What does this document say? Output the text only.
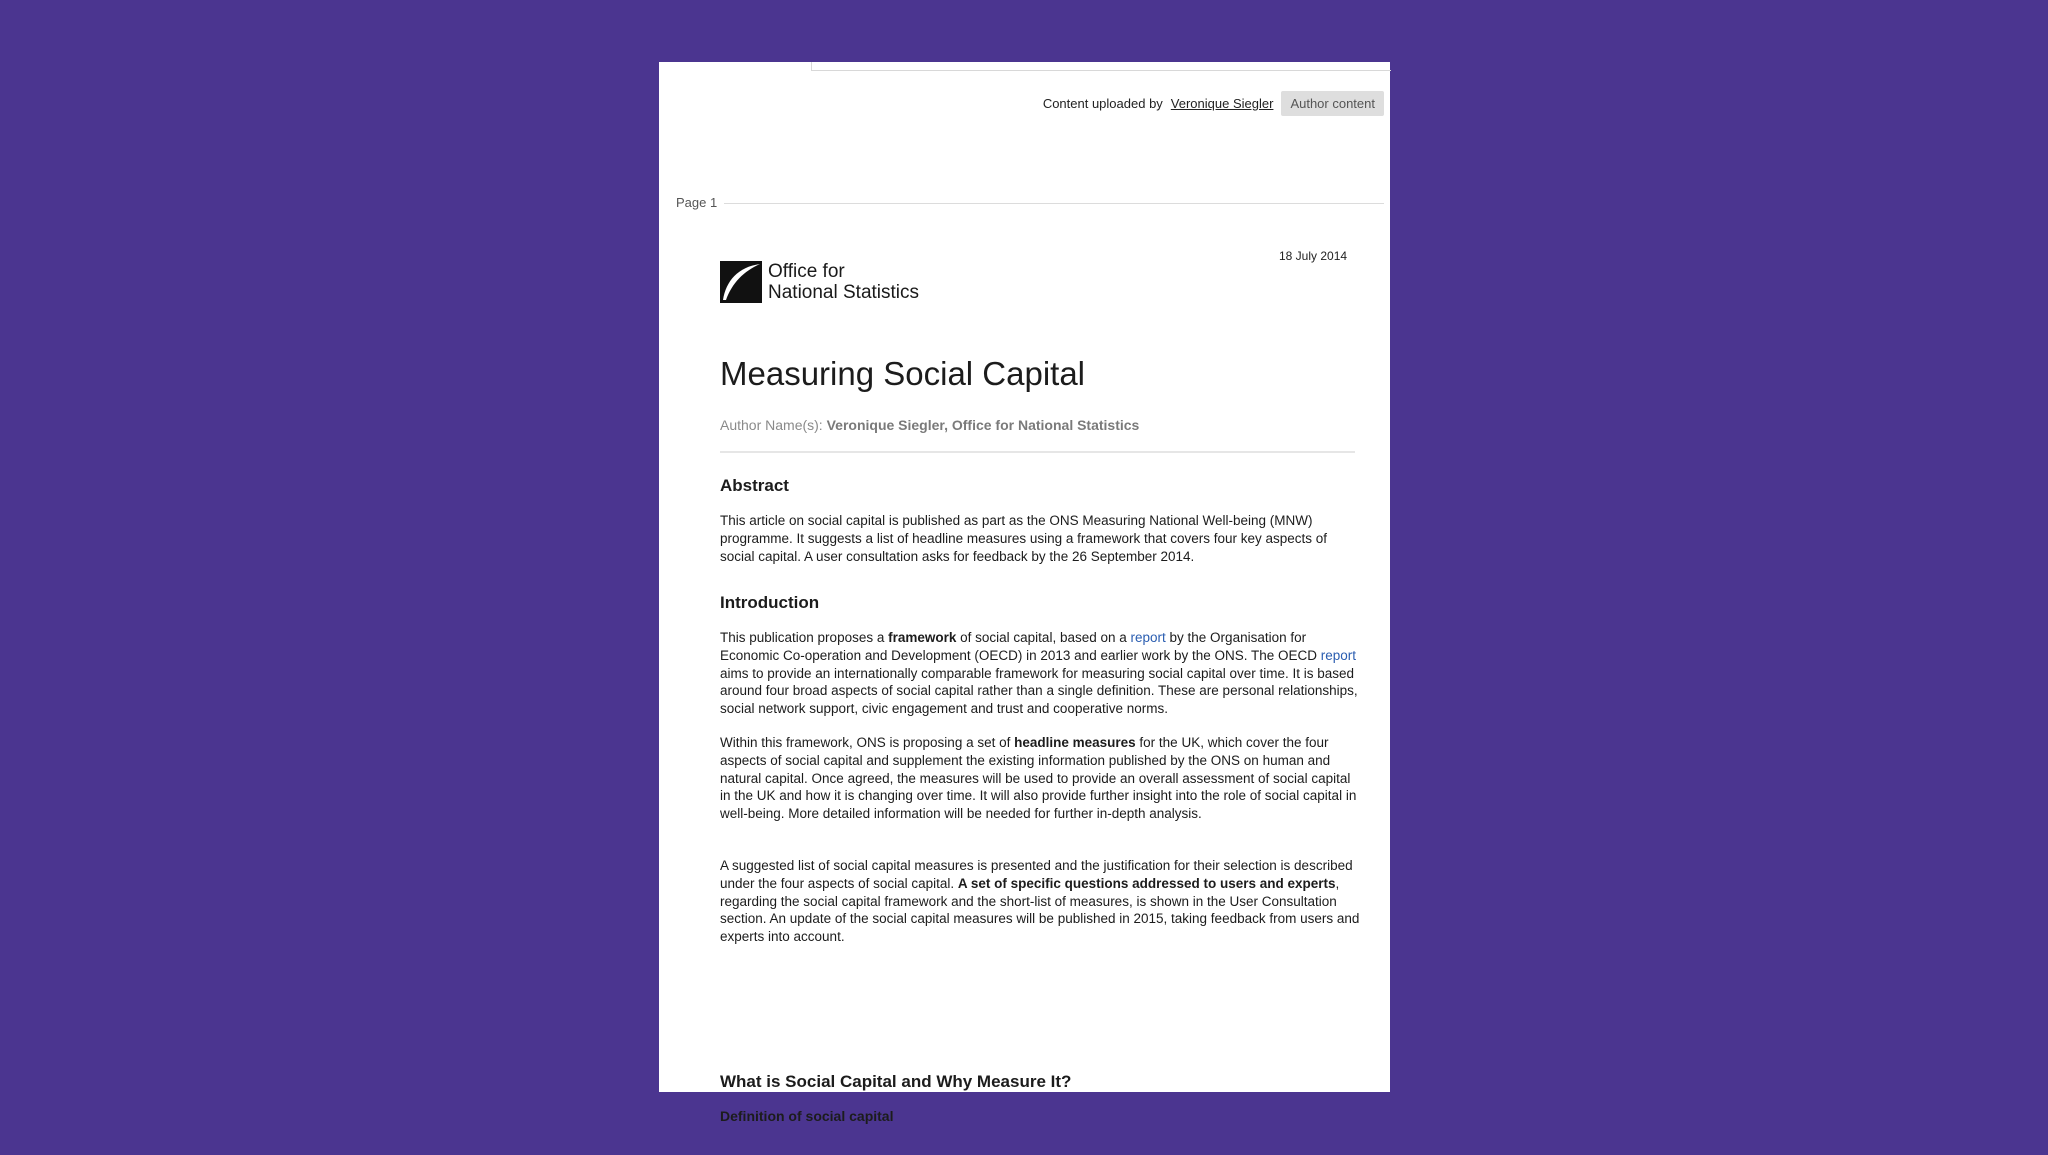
Content uploaded by Veronique Siegler	Author content
Page 1
18 July 2014
Office for
National Statistics
Measuring Social Capital
Author Name(s): Veronique Siegler, Office for National Statistics
Abstract

This article on social capital is published as part as the ONS Measuring National Well-being (MNW) programme. It suggests a list of headline measures using a framework that covers four key aspects of social capital. A user consultation asks for feedback by the 26 September 2014.

Introduction

This publication proposes a framework of social capital, based on a report by the Organisation for Economic Co-operation and Development (OECD) in 2013 and earlier work by the ONS. The OECD report aims to provide an internationally comparable framework for measuring social capital over time. It is based around four broad aspects of social capital rather than a single definition. These are personal relationships, social network support, civic engagement and trust and cooperative norms.

Within this framework, ONS is proposing a set of headline measures for the UK, which cover the four aspects of social capital and supplement the existing information published by the ONS on human and natural capital. Once agreed, the measures will be used to provide an overall assessment of social capital in the UK and how it is changing over time. It will also provide further insight into the role of social capital in well-being. More detailed information will be needed for further in-depth analysis.

A suggested list of social capital measures is presented and the justification for their selection is described under the four aspects of social capital. A set of specific questions addressed to users and experts, regarding the social capital framework and the short-list of measures, is shown in the User Consultation section. An update of the social capital measures will be published in 2015, taking feedback from users and experts into account.

What is Social Capital and Why Measure It?
Definition of social capital
